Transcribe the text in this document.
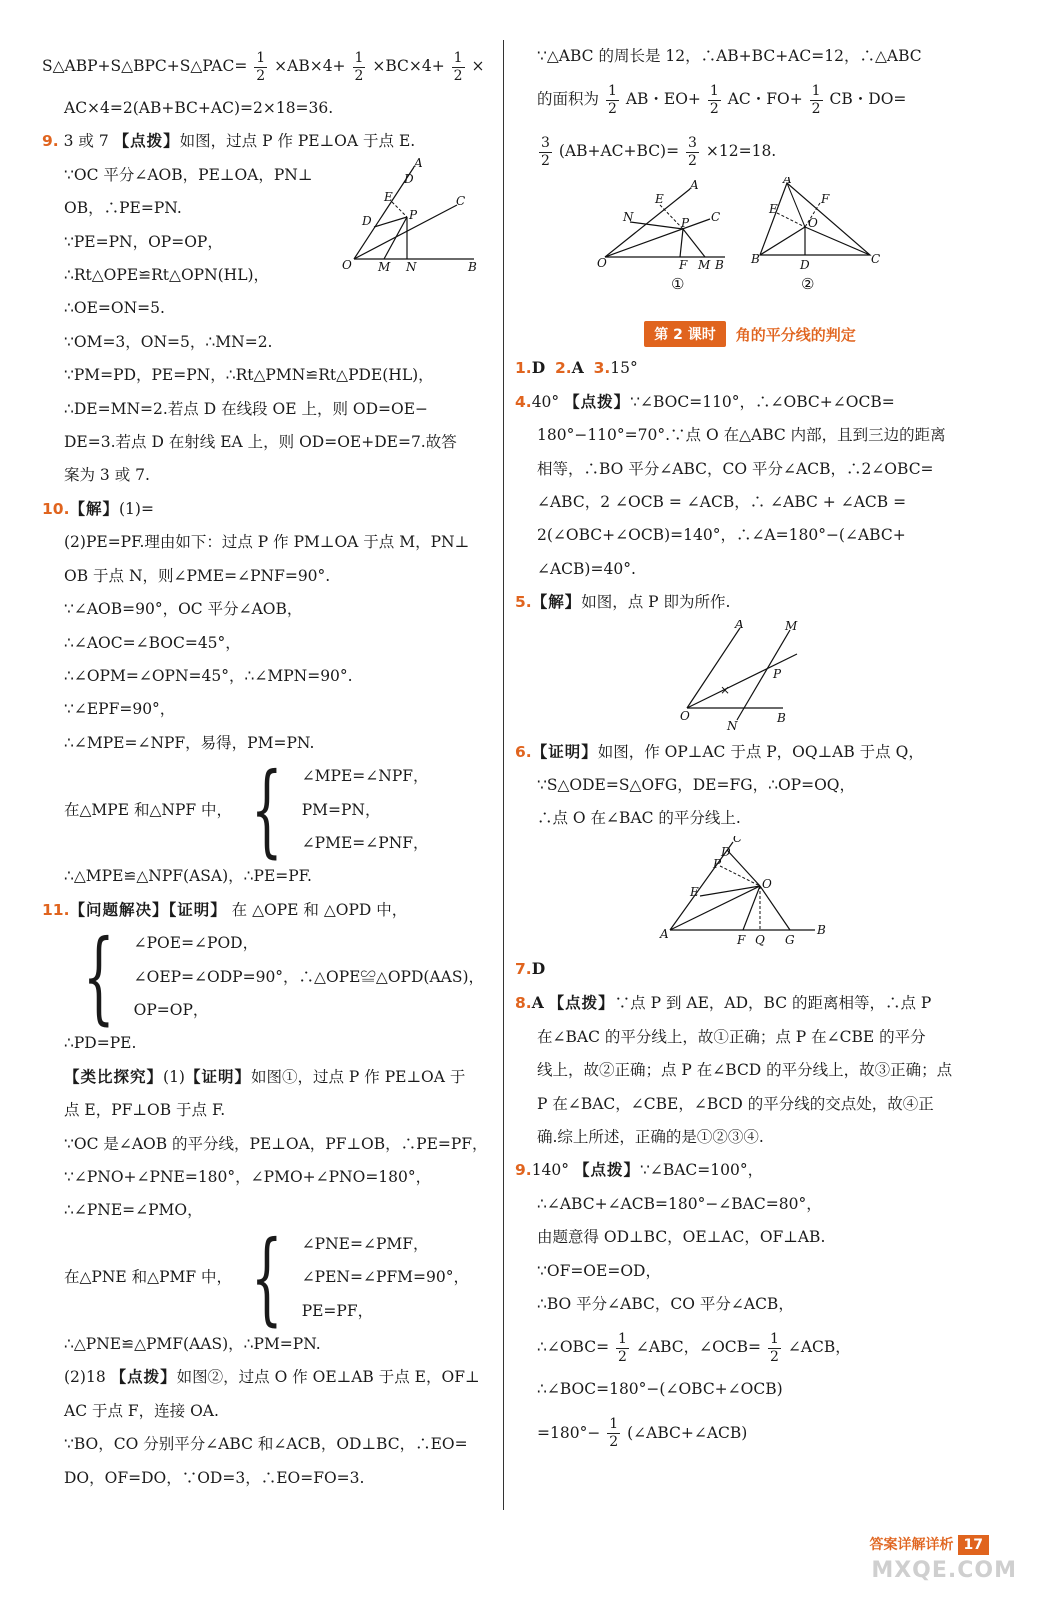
S△ABP+S△BPC+S△PAC= $\frac{1}{2} \times AB\times 4+ \frac{1}{2} \times BC\times 4+ \frac{1}{2}$ ×
AC×4=2(AB+BC+AC)=2×18=36.
9. 3 或 7 【点拨】如图，过点 P 作 PE⊥OA 于点 E.
∵OC 平分∠AOB，PE⊥OA，PN⊥
OB，∴PE=PN.
∵PE=PN，OP=OP，
∴Rt△OPE≌Rt△OPN(HL)，
O M N	B
A
C
D
E
D	P
∴OE=ON=5.
∵OM=3，ON=5，∴MN=2.
∵PM=PD，PE=PN，∴Rt△PMN≌Rt△PDE(HL)，
∴DE=MN=2.若点 D 在线段 OE 上，则 OD=OE−
DE=3.若点 D 在射线 EA 上，则 OD=OE+DE=7.故答
案为 3 或 7.
10.【解】(1)=
(2)PE=PF.理由如下：过点 P 作 PM⊥OA 于点 M，PN⊥
OB 于点 N，则∠PME=∠PNF=90°.
∵∠AOB=90°，OC 平分∠AOB，
∴∠AOC=∠BOC=45°，
∴∠OPM=∠OPN=45°，∴∠MPN=90°.
∵∠EPF=90°，
∴∠MPE=∠NPF，易得，PM=PN.
在△MPE 和△NPF 中， { ∠MPE=∠NPF，
PM=PN，
∠PME=∠PNF，
∴△MPE≌△NPF(ASA)，∴PE=PF.
11.【问题解决】【证明】 在 △OPE 和 △OPD 中，
{ ∠POE=∠POD，
∠OEP=∠ODP=90°，∴△OPE≌△OPD(AAS)，
OP=OP，
∴PD=PE.
【类比探究】(1)【证明】如图①，过点 P 作 PE⊥OA 于
点 E，PF⊥OB 于点 F.
∵OC 是∠AOB 的平分线，PE⊥OA，PF⊥OB，∴PE=PF，
∵∠PNO+∠PNE=180°，∠PMO+∠PNO=180°，
∴∠PNE=∠PMO，
在△PNE 和△PMF 中， { ∠PNE=∠PMF，
∠PEN=∠PFM=90°，
PE=PF，
∴△PNE≌△PMF(AAS)，∴PM=PN.
(2)18 【点拨】如图②，过点 O 作 OE⊥AB 于点 E，OF⊥
AC 于点 F，连接 OA.
∵BO，CO 分别平分∠ABC 和∠ACB，OD⊥BC，∴EO=
DO，OF=DO，∵OD=3，∴EO=FO=3.
∵△ABC 的周长是 12，∴AB+BC+AC=12，∴△ABC
的面积为 $\frac{1}{2}$ AB・$EO+ \frac{1}{2}$ AC・$FO+ \frac{1}{2}$ CB・DO=
$\frac{3}{2} (AB+AC+BC)= \frac{3}{2} \times 12=18$.
O	F M B
A
C
E
N	P
①
A
B	C
D
E
F
O
②
第 2 课时	角的平分线的判定
1.D 2.A 3.15°
4.40° 【点拨】∵∠BOC=110°，∴∠OBC+∠OCB=
180°−110°=70°.∵点 O 在△ABC 内部，且到三边的距离
相等，∴BO 平分∠ABC，CO 平分∠ACB，∴2∠OBC=
∠ABC，2 ∠OCB = ∠ACB，∴ ∠ABC + ∠ACB =
2(∠OBC+∠OCB)=140°，∴∠A=180°−(∠ABC+
∠ACB)=40°.
5.【解】如图，点 P 即为所作.
A	M
O	B
N
P
×
6.【证明】如图，作 OP⊥AC 于点 P，OQ⊥AB 于点 Q，
∵S△ODE=S△OFG，DE=FG，∴OP=OQ，
∴点 O 在∠BAC 的平分线上.
C
D
P
E
O
A	F Q G
B
7.D
8.A 【点拨】∵点 P 到 AE，AD，BC 的距离相等，∴点 P
在∠BAC 的平分线上，故①正确；点 P 在∠CBE 的平分
线上，故②正确；点 P 在∠BCD 的平分线上，故③正确；点
P 在∠BAC，∠CBE，∠BCD 的平分线的交点处，故④正
确.综上所述，正确的是①②③④.
9.140° 【点拨】∵∠BAC=100°，
∴∠ABC+∠ACB=180°−∠BAC=80°，
由题意得 OD⊥BC，OE⊥AC，OF⊥AB.
∵OF=OE=OD，
∴BO 平分∠ABC，CO 平分∠ACB，
∴∠OBC= $\frac{1}{2}$ ∠ABC，∠OCB= $\frac{1}{2}$ ∠ACB，
∴∠BOC=180°−(∠OBC+∠OCB)
$=180^\circ- \frac{1}{2}$ (∠ABC+∠ACB)
答案详解详析 17
MXQE.COM
